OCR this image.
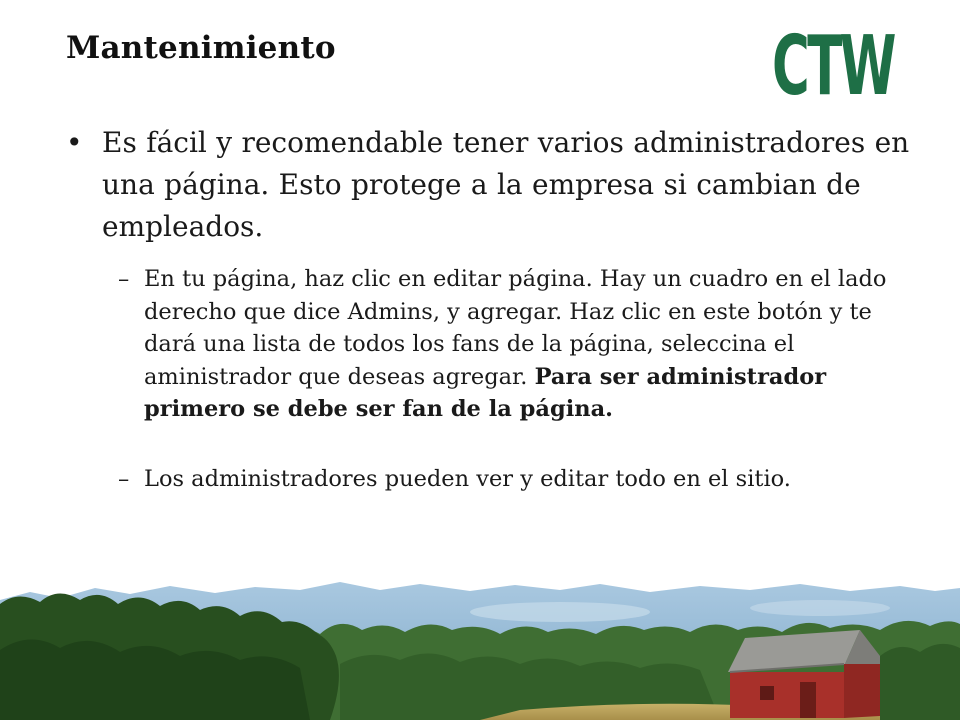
Mantenimiento	CTW
• Es fácil y recomendable tener varios administradores en una página. Esto protege a la empresa si cambian de empleados.
– En tu página, haz clic en editar página. Hay un cuadro en el lado derecho que dice Admins, y agregar. Haz clic en este botón y te dará una lista de todos los fans de la página, seleccina el aministrador que deseas agregar. Para ser administrador primero se debe ser fan de la página.
– Los administradores pueden ver y editar todo en el sitio.
